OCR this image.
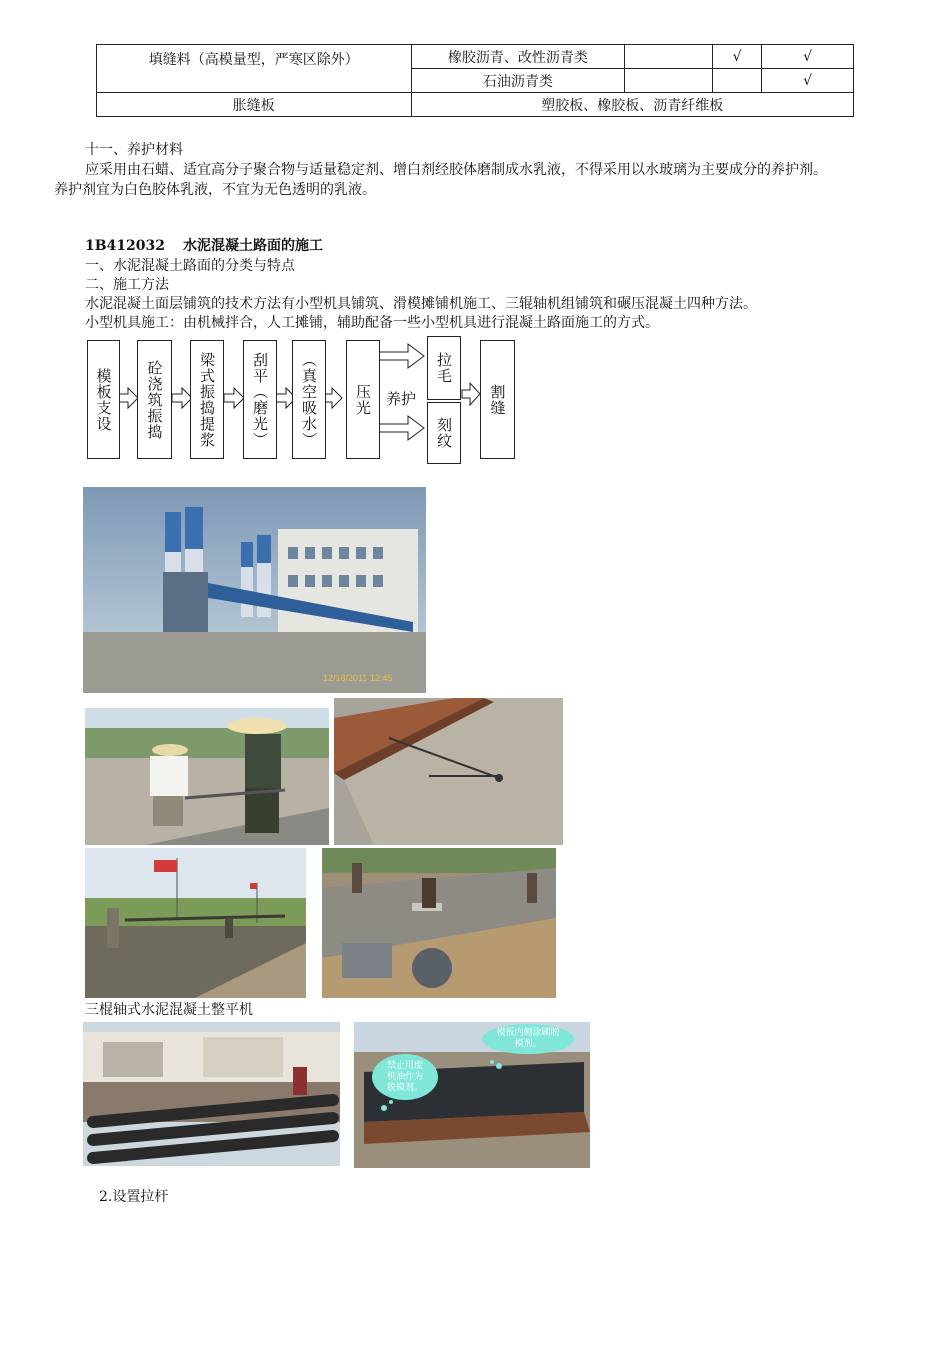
填缝料（高模量型，严寒区除外）	橡胶沥青、改性沥青类		√	√
	石油沥青类			√
胀缝板	塑胶板、橡胶板、沥青纤维板			
十一、养护材料
应采用由石蜡、适宜高分子聚合物与适量稳定剂、增白剂经胶体磨制成水乳液，不得采用以水玻璃为主要成分的养护剂。
养护剂宜为白色胶体乳液，不宜为无色透明的乳液。
1B412032 水泥混凝土路面的施工
一、水泥混凝土路面的分类与特点
二、施工方法
水泥混凝土面层铺筑的技术方法有小型机具铺筑、滑模摊铺机施工、三辊轴机组铺筑和碾压混凝土四种方法。
小型机具施工：由机械拌合，人工摊铺，辅助配备一些小型机具进行混凝土路面施工的方式。
模板支设 砼浇筑振捣 梁式振捣提浆 刮平（磨光） （真空吸水） 压光 养护
拉毛
刻纹
割缝
12/18/2011 12:45
三棍轴式水泥混凝土整平机
模板内侧涂刷脱模剂。
禁止用废机油作为脱模剂。
2.设置拉杆
